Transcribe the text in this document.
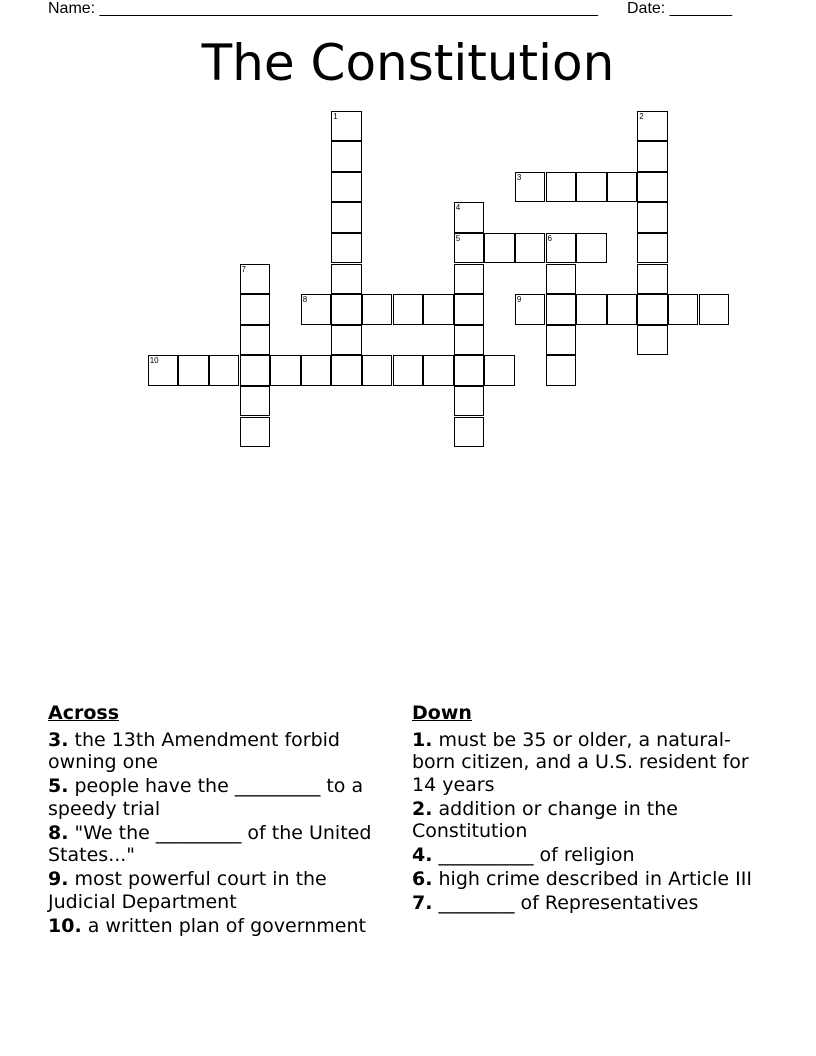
Name: ________________________________________________________ Date: _______
The Constitution
1	2
3
4
5	6
7
8	9
10
Across
3. the 13th Amendment forbid owning one
5. people have the _________ to a speedy trial
8. "We the _________ of the United States..."
9. most powerful court in the Judicial Department
10. a written plan of government
Down
1. must be 35 or older, a natural-born citizen, and a U.S. resident for 14 years
2. addition or change in the Constitution
4. __________ of religion
6. high crime described in Article III
7. ________ of Representatives
